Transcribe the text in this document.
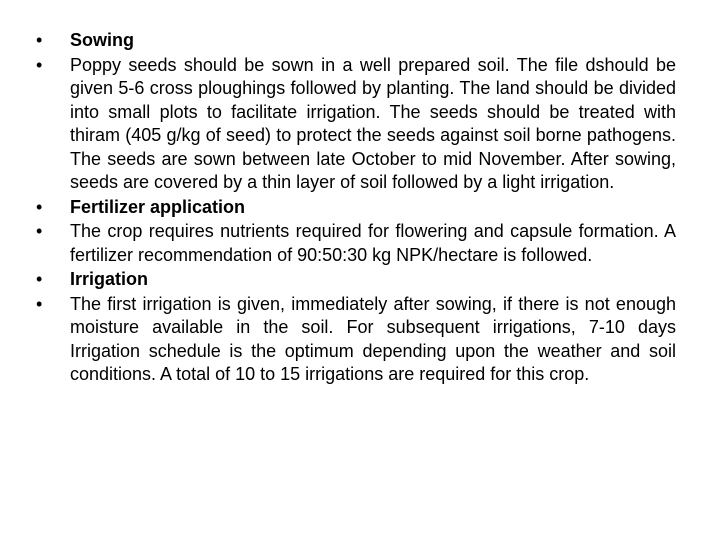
•	Sowing
•	Poppy seeds should be sown in a well prepared soil. The file dshould be given 5-6 cross ploughings followed by planting. The land should be divided into small plots to facilitate irrigation. The seeds should be treated with thiram (405 g/kg of seed) to protect the seeds against soil borne pathogens. The seeds are sown between late October to mid November. After sowing, seeds are covered by a thin layer of soil followed by a light irrigation.
•	Fertilizer application
•	The crop requires nutrients required for flowering and capsule formation. A fertilizer recommendation of 90:50:30 kg NPK/hectare is followed.
•	Irrigation
•	The first irrigation is given, immediately after sowing, if there is not enough moisture available in the soil. For subsequent irrigations, 7-10 days Irrigation schedule is the optimum depending upon the weather and soil conditions. A total of 10 to 15 irrigations are required for this crop.
